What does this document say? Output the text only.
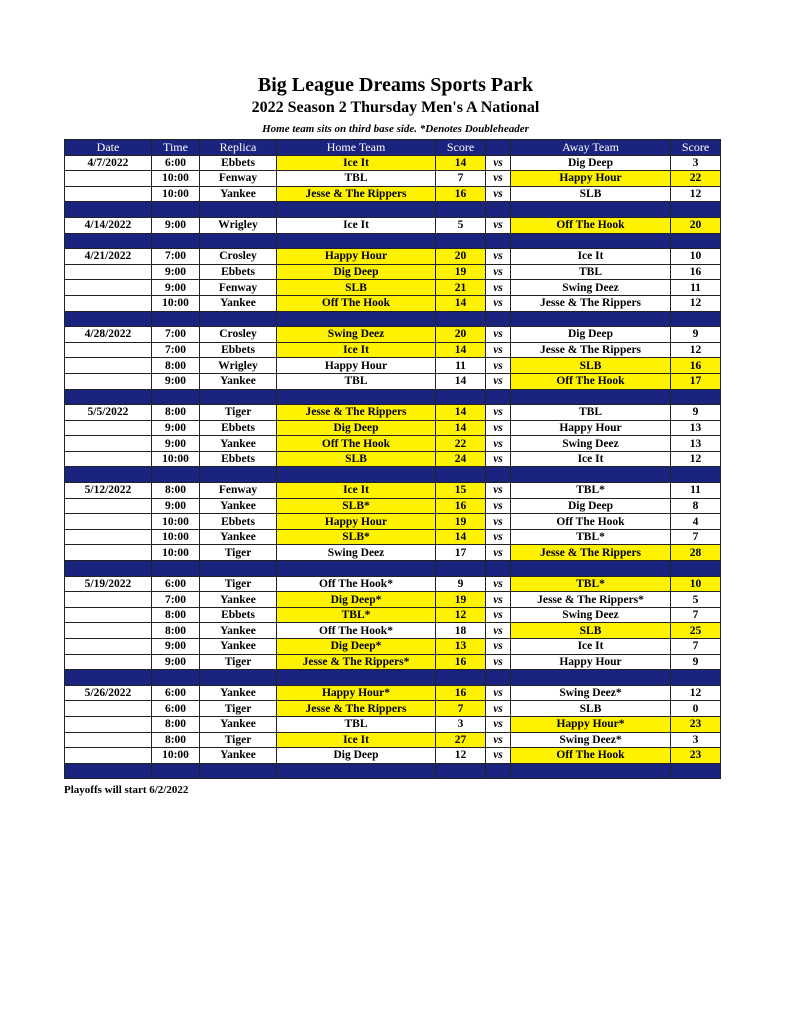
Big League Dreams Sports Park
2022 Season 2 Thursday Men's A National
Home team sits on third base side. *Denotes Doubleheader
Date	Time	Replica	Home Team	Score		Away Team	Score
4/7/2022	6:00	Ebbets	Ice It	14	vs	Dig Deep	3
	10:00	Fenway	TBL	7	vs	Happy Hour	22
	10:00	Yankee	Jesse & The Rippers	16	vs	SLB	12

4/14/2022	9:00	Wrigley	Ice It	5	vs	Off The Hook	20

4/21/2022	7:00	Crosley	Happy Hour	20	vs	Ice It	10
	9:00	Ebbets	Dig Deep	19	vs	TBL	16
	9:00	Fenway	SLB	21	vs	Swing Deez	11
	10:00	Yankee	Off The Hook	14	vs	Jesse & The Rippers	12

4/28/2022	7:00	Crosley	Swing Deez	20	vs	Dig Deep	9
	7:00	Ebbets	Ice It	14	vs	Jesse & The Rippers	12
	8:00	Wrigley	Happy Hour	11	vs	SLB	16
	9:00	Yankee	TBL	14	vs	Off The Hook	17

5/5/2022	8:00	Tiger	Jesse & The Rippers	14	vs	TBL	9
	9:00	Ebbets	Dig Deep	14	vs	Happy Hour	13
	9:00	Yankee	Off The Hook	22	vs	Swing Deez	13
	10:00	Ebbets	SLB	24	vs	Ice It	12

5/12/2022	8:00	Fenway	Ice It	15	vs	TBL*	11
	9:00	Yankee	SLB*	16	vs	Dig Deep	8
	10:00	Ebbets	Happy Hour	19	vs	Off The Hook	4
	10:00	Yankee	SLB*	14	vs	TBL*	7
	10:00	Tiger	Swing Deez	17	vs	Jesse & The Rippers	28

5/19/2022	6:00	Tiger	Off The Hook*	9	vs	TBL*	10
	7:00	Yankee	Dig Deep*	19	vs	Jesse & The Rippers*	5
	8:00	Ebbets	TBL*	12	vs	Swing Deez	7
	8:00	Yankee	Off The Hook*	18	vs	SLB	25
	9:00	Yankee	Dig Deep*	13	vs	Ice It	7
	9:00	Tiger	Jesse & The Rippers*	16	vs	Happy Hour	9

5/26/2022	6:00	Yankee	Happy Hour*	16	vs	Swing Deez*	12
	6:00	Tiger	Jesse & The Rippers	7	vs	SLB	0
	8:00	Yankee	TBL	3	vs	Happy Hour*	23
	8:00	Tiger	Ice It	27	vs	Swing Deez*	3
	10:00	Yankee	Dig Deep	12	vs	Off The Hook	23

Playoffs will start 6/2/2022
